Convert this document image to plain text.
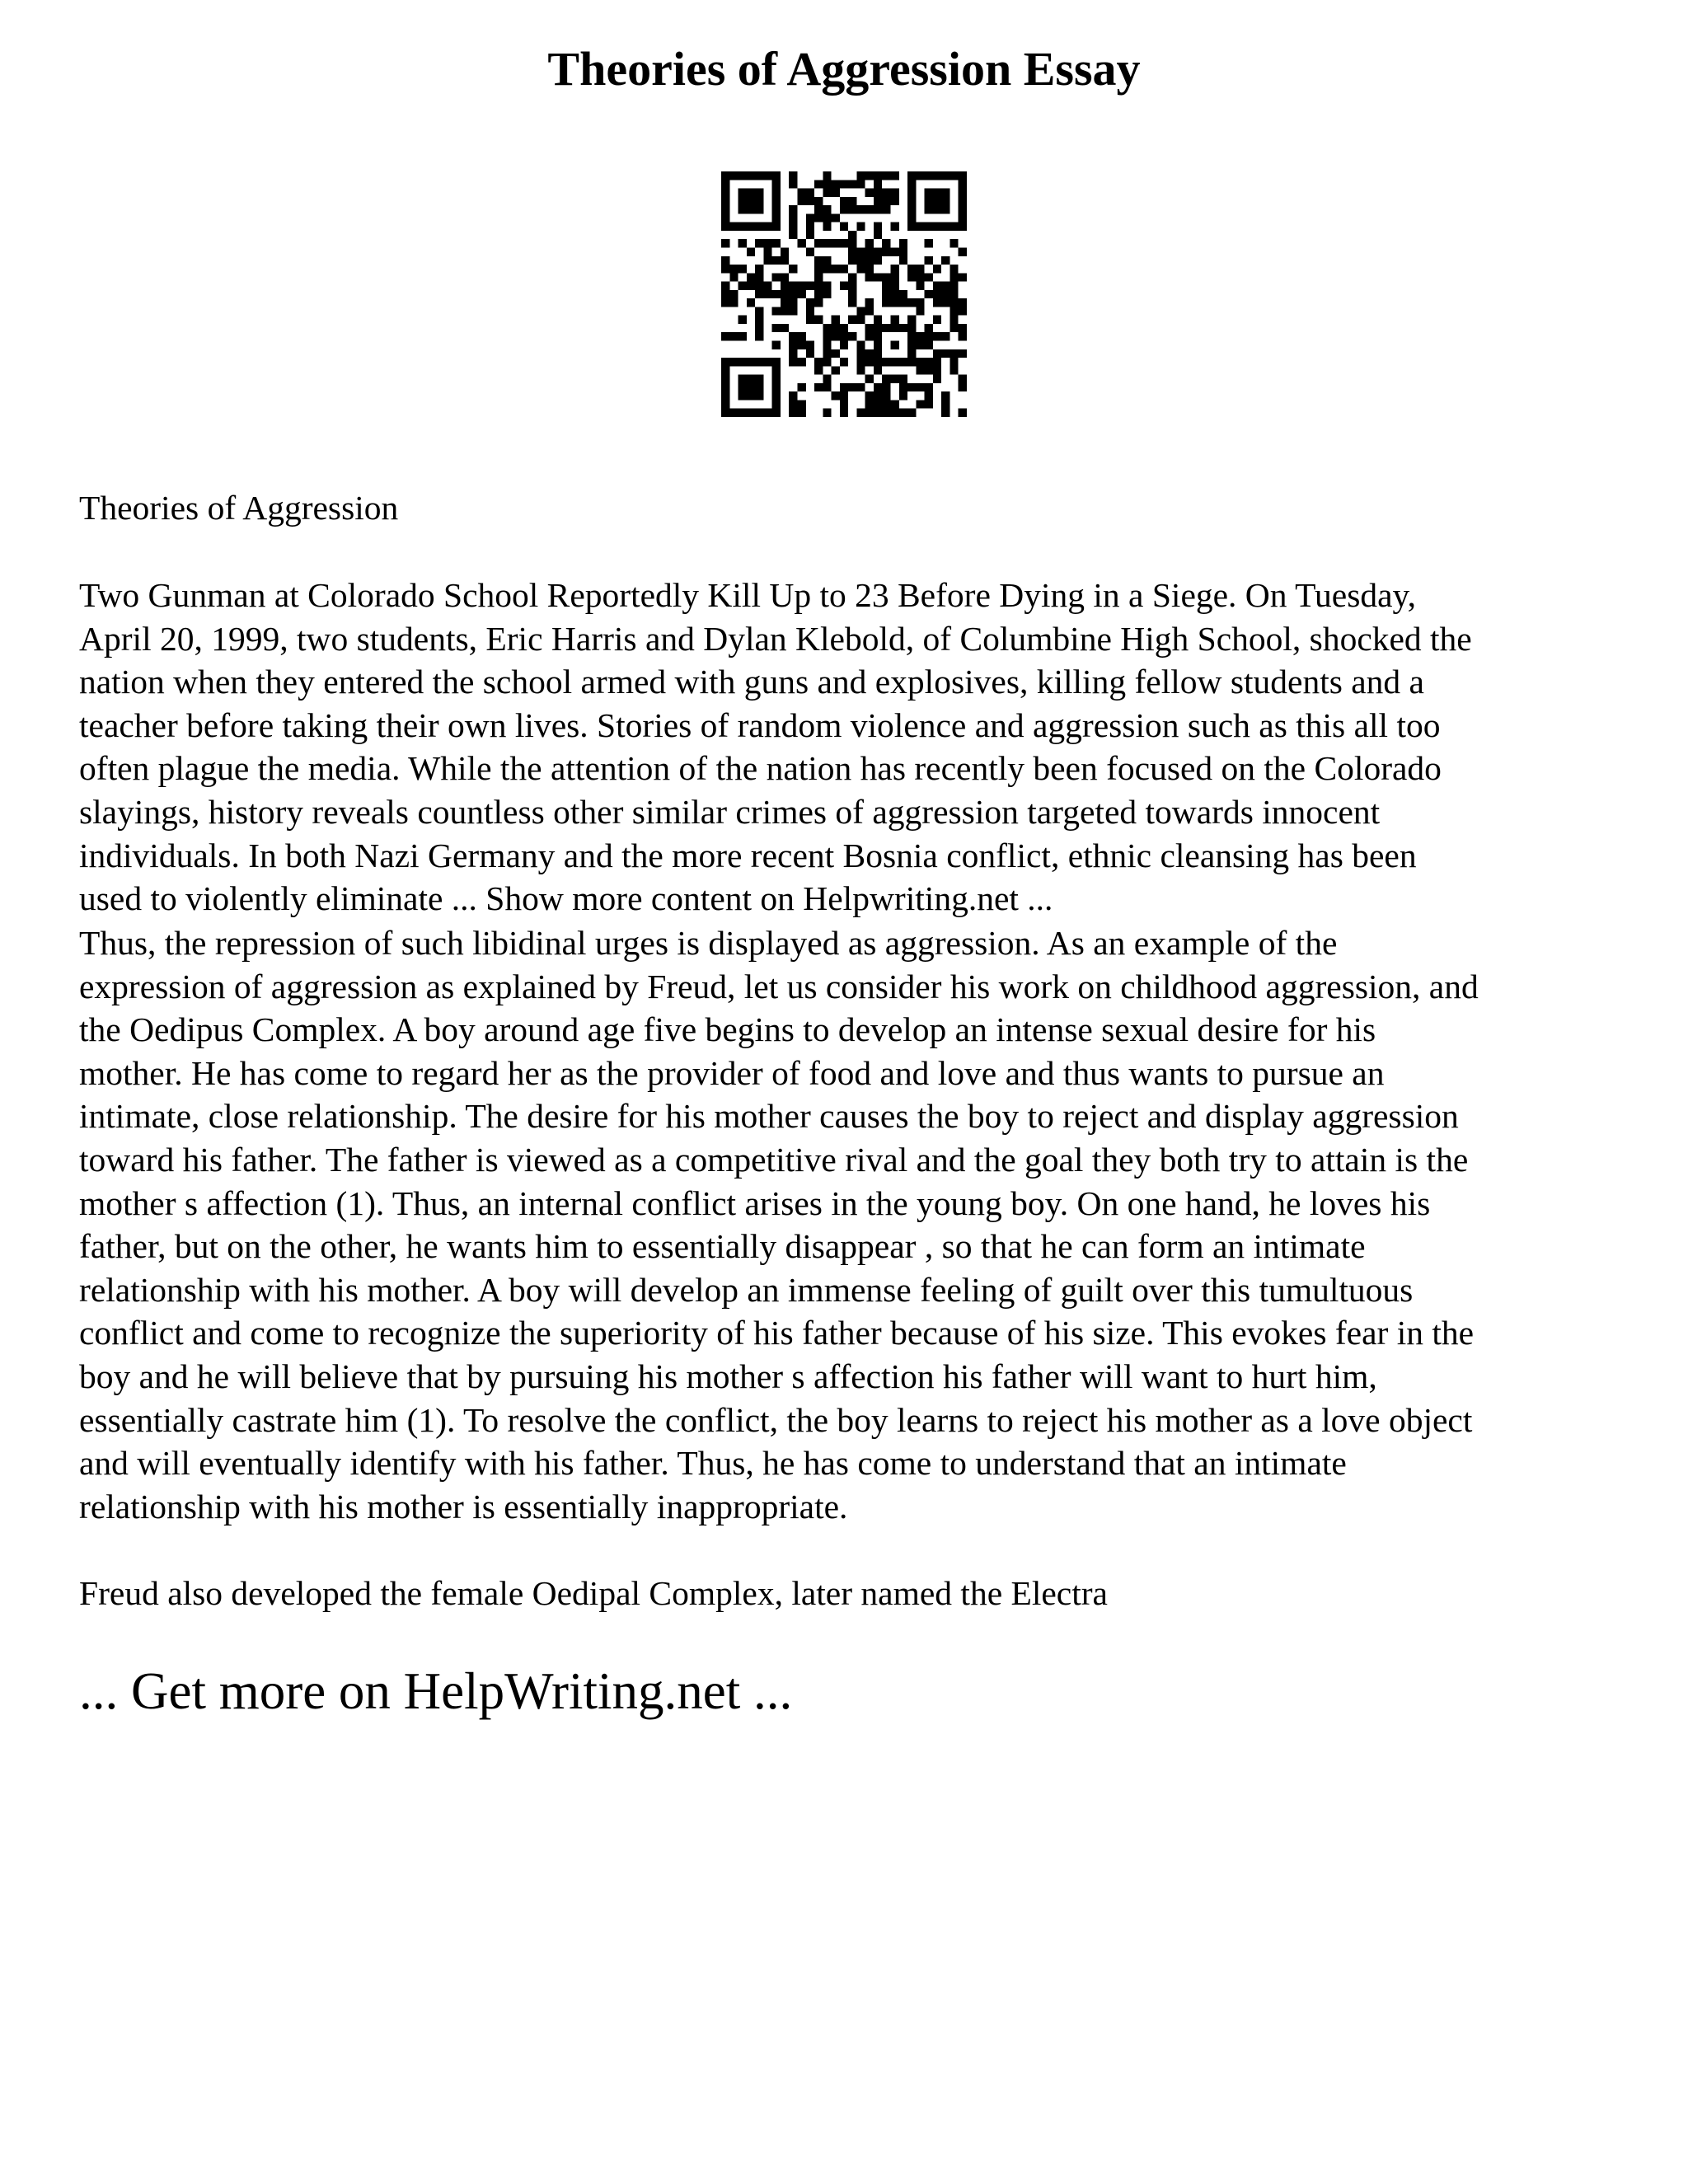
Theories of Aggression Essay

Theories of Aggression

Two Gunman at Colorado School Reportedly Kill Up to 23 Before Dying in a Siege. On Tuesday,
April 20, 1999, two students, Eric Harris and Dylan Klebold, of Columbine High School, shocked the
nation when they entered the school armed with guns and explosives, killing fellow students and a
teacher before taking their own lives. Stories of random violence and aggression such as this all too
often plague the media. While the attention of the nation has recently been focused on the Colorado
slayings, history reveals countless other similar crimes of aggression targeted towards innocent
individuals. In both Nazi Germany and the more recent Bosnia conflict, ethnic cleansing has been
used to violently eliminate ... Show more content on Helpwriting.net ...

Thus, the repression of such libidinal urges is displayed as aggression. As an example of the
expression of aggression as explained by Freud, let us consider his work on childhood aggression, and
the Oedipus Complex. A boy around age five begins to develop an intense sexual desire for his
mother. He has come to regard her as the provider of food and love and thus wants to pursue an
intimate, close relationship. The desire for his mother causes the boy to reject and display aggression
toward his father. The father is viewed as a competitive rival and the goal they both try to attain is the
mother s affection (1). Thus, an internal conflict arises in the young boy. On one hand, he loves his
father, but on the other, he wants him to essentially disappear , so that he can form an intimate
relationship with his mother. A boy will develop an immense feeling of guilt over this tumultuous
conflict and come to recognize the superiority of his father because of his size. This evokes fear in the
boy and he will believe that by pursuing his mother s affection his father will want to hurt him,
essentially castrate him (1). To resolve the conflict, the boy learns to reject his mother as a love object
and will eventually identify with his father. Thus, he has come to understand that an intimate
relationship with his mother is essentially inappropriate.

Freud also developed the female Oedipal Complex, later named the Electra

... Get more on HelpWriting.net ...
